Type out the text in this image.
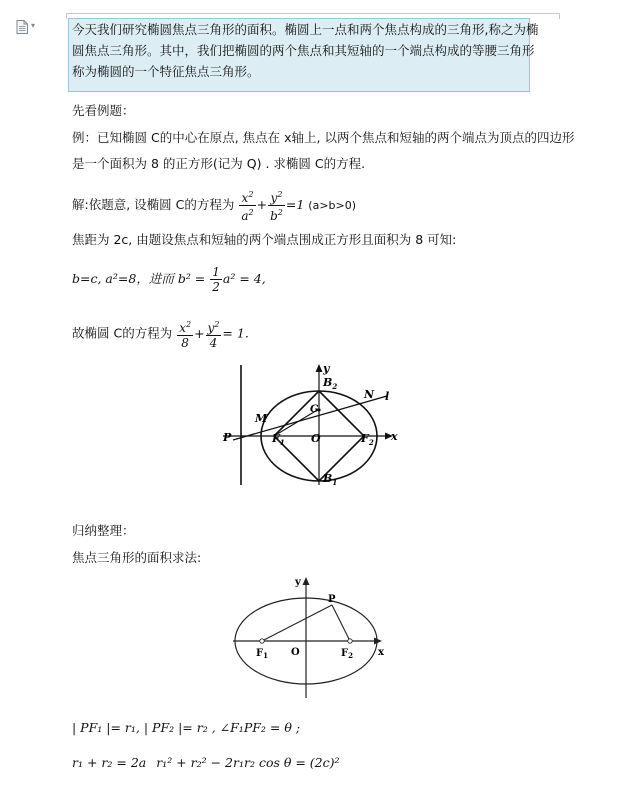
▾	今天我们研究椭圆焦点三角形的面积。椭圆上一点和两个焦点构成的三角形,称之为椭圆焦点三角形。其中，我们把椭圆的两个焦点和其短轴的一个端点构成的等腰三角形称为椭圆的一个特征焦点三角形。
先看例题：
例：已知椭圆 C的中心在原点, 焦点在 x轴上, 以两个焦点和短轴的两个端点为顶点的四边形
是一个面积为 8 的正方形(记为 Q) . 求椭圆 C的方程.
解:依题意, 设椭圆 C的方程为 $\frac{x^2}{a^2} + \frac{y^2}{b^2} =1$ (a>b>0)
焦距为 2c, 由题设焦点和短轴的两个端点围成正方形且面积为 8 可知:
b=c, a²=8，进而 $b^2 = \frac{1}{2} a^2 = 4$,
故椭圆 C的方程为 $\frac{x^2}{8} + \frac{y^2}{4} = 1$.
P	$F_1$ O	$F_2$
$B_2$
$B_1$
M
N
G
l
y
x
归纳整理：
焦点三角形的面积求法:
$F_1$ O	$F_2$
P
y
x
| PF₁ |= r₁, | PF₂ |= r₂ , ∠F₁PF₂ = θ ;
r₁ + r₂ = 2a r₁² + r₂² − 2r₁r₂ cos θ = (2c)²
